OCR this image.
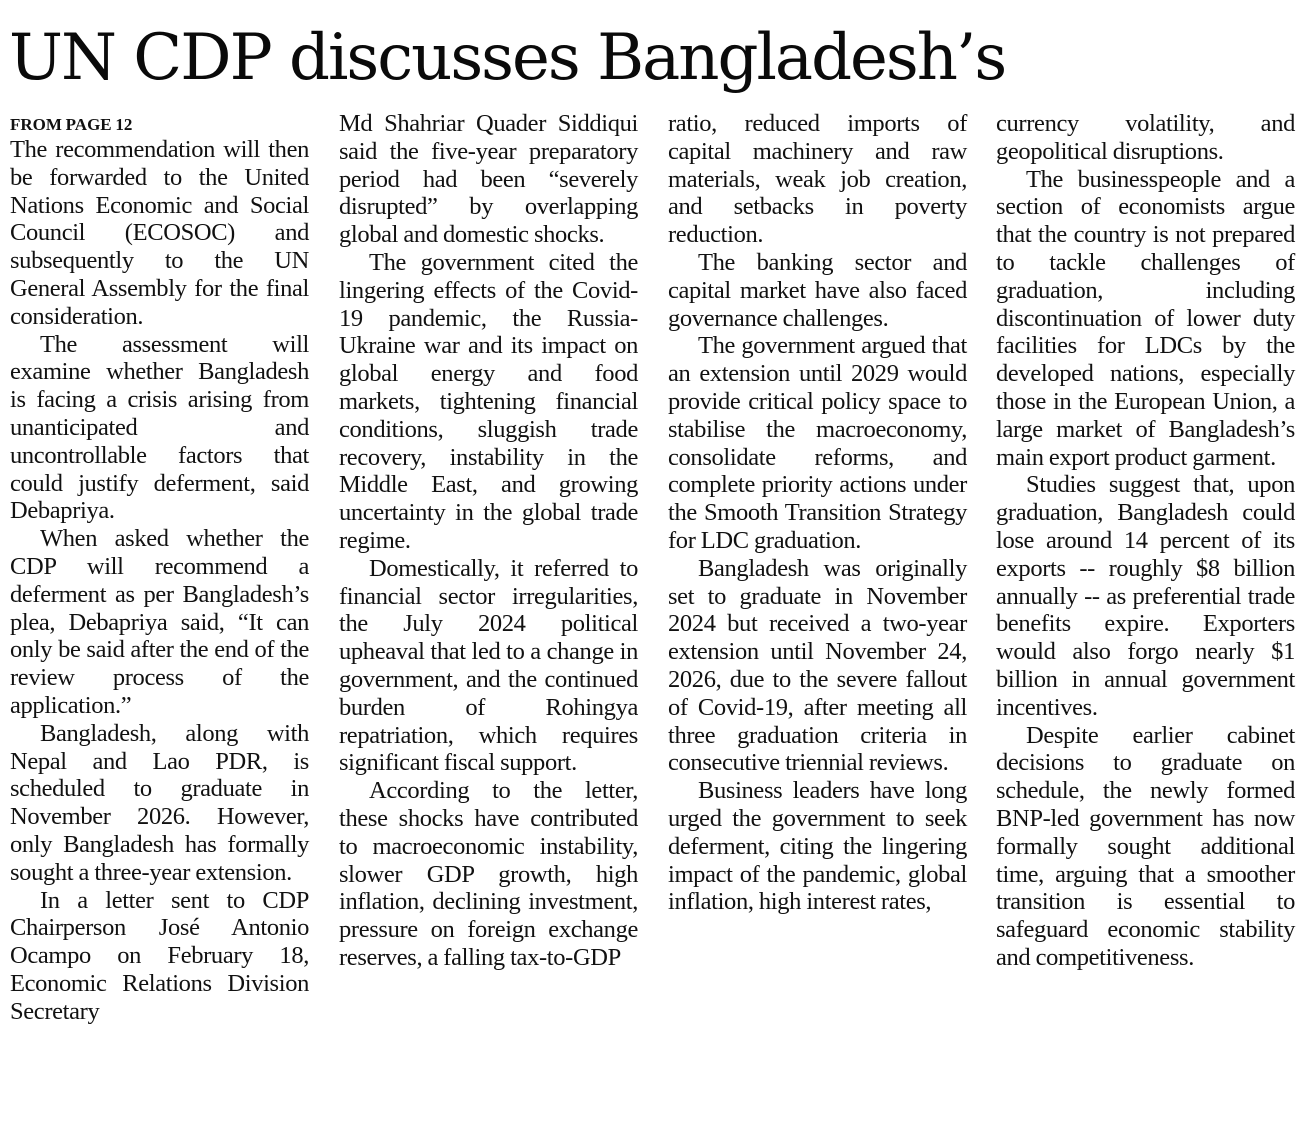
UN CDP discusses Bangladesh’s
FROM PAGE 12

The recommendation will then be forwarded to the United Nations Economic and Social Council (ECOSOC) and subsequently to the UN General Assembly for the final consideration.

The assessment will examine whether Bangladesh is facing a crisis arising from unanticipated and uncontrollable factors that could justify deferment, said Debapriya.

When asked whether the CDP will recommend a deferment as per Bangladesh’s plea, Debapriya said, “It can only be said after the end of the review process of the application.”

Bangladesh, along with Nepal and Lao PDR, is scheduled to graduate in November 2026. However, only Bangladesh has formally sought a three-year extension.

In a letter sent to CDP Chairperson José Antonio Ocampo on February 18, Economic Relations Division Secretary

Md Shahriar Quader Siddiqui said the five-year preparatory period had been “severely disrupted” by overlapping global and domestic shocks.

The government cited the lingering effects of the Covid-19 pandemic, the Russia-Ukraine war and its impact on global energy and food markets, tightening financial conditions, sluggish trade recovery, instability in the Middle East, and growing uncertainty in the global trade regime.

Domestically, it referred to financial sector irregularities, the July 2024 political upheaval that led to a change in government, and the continued burden of Rohingya repatriation, which requires significant fiscal support.

According to the letter, these shocks have contributed to macroeconomic instability, slower GDP growth, high inflation, declining investment, pressure on foreign exchange reserves, a falling tax-to-GDP

ratio, reduced imports of capital machinery and raw materials, weak job creation, and setbacks in poverty reduction.

The banking sector and capital market have also faced governance challenges.

The government argued that an extension until 2029 would provide critical policy space to stabilise the macroeconomy, consolidate reforms, and complete priority actions under the Smooth Transition Strategy for LDC graduation.

Bangladesh was originally set to graduate in November 2024 but received a two-year extension until November 24, 2026, due to the severe fallout of Covid-19, after meeting all three graduation criteria in consecutive triennial reviews.

Business leaders have long urged the government to seek deferment, citing the lingering impact of the pandemic, global inflation, high interest rates,

currency volatility, and geopolitical disruptions.

The businesspeople and a section of economists argue that the country is not prepared to tackle challenges of graduation, including discontinuation of lower duty facilities for LDCs by the developed nations, especially those in the European Union, a large market of Bangladesh’s main export product garment.

Studies suggest that, upon graduation, Bangladesh could lose around 14 percent of its exports -- roughly $8 billion annually -- as preferential trade benefits expire. Exporters would also forgo nearly $1 billion in annual government incentives.

Despite earlier cabinet decisions to graduate on schedule, the newly formed BNP-led government has now formally sought additional time, arguing that a smoother transition is essential to safeguard economic stability and competitiveness.
